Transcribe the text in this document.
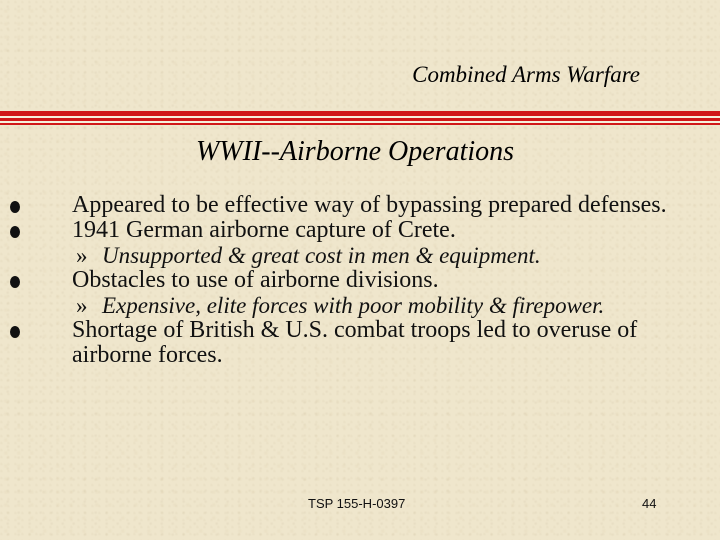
Combined Arms Warfare
WWII--Airborne Operations
Appeared to be effective way of bypassing prepared defenses.
1941 German airborne capture of Crete.
» Unsupported & great cost in men & equipment.
Obstacles to use of airborne divisions.
» Expensive, elite forces with poor mobility & firepower.
Shortage of British & U.S. combat troops led to overuse of airborne forces.
TSP 155-H-0397	44
